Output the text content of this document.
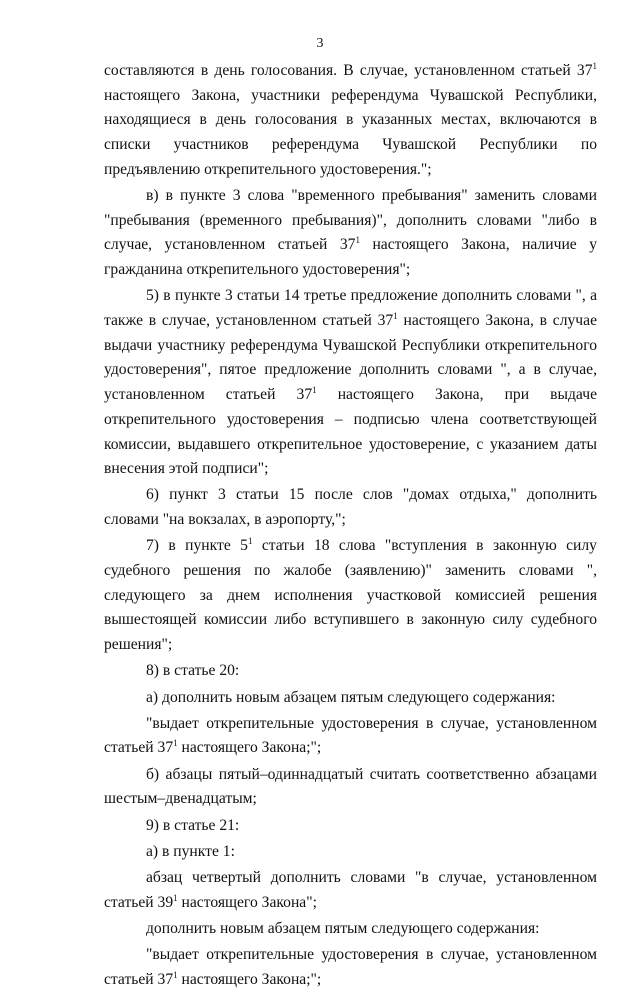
3

составляются в день голосования. В случае, установленном статьей $37^1$ настоящего Закона, участники референдума Чувашской Республики, находящиеся в день голосования в указанных местах, включаются в списки участников референдума Чувашской Республики по предъявлению открепительного удостоверения.";

в) в пункте 3 слова "временного пребывания" заменить словами "пребывания (временного пребывания)", дополнить словами "либо в случае, установленном статьей $37^1$ настоящего Закона, наличие у гражданина открепительного удостоверения";

5) в пункте 3 статьи 14 третье предложение дополнить словами ", а также в случае, установленном статьей $37^1$ настоящего Закона, в случае выдачи участнику референдума Чувашской Республики открепительного удостоверения", пятое предложение дополнить словами ", а в случае, установленном статьей $37^1$ настоящего Закона, при выдаче открепительного удостоверения – подписью члена соответствующей комиссии, выдавшего открепительное удостоверение, с указанием даты внесения этой подписи";

6) пункт 3 статьи 15 после слов "домах отдыха," дополнить словами "на вокзалах, в аэропорту,";

7) в пункте $5^1$ статьи 18 слова "вступления в законную силу судебного решения по жалобе (заявлению)" заменить словами ", следующего за днем исполнения участковой комиссией решения вышестоящей комиссии либо вступившего в законную силу судебного решения";

8) в статье 20:

а) дополнить новым абзацем пятым следующего содержания:

"выдает открепительные удостоверения в случае, установленном статьей $37^1$ настоящего Закона;";

б) абзацы пятый–одиннадцатый считать соответственно абзацами шестым–двенадцатым;

9) в статье 21:

а) в пункте 1:

абзац четвертый дополнить словами "в случае, установленном статьей $39^1$ настоящего Закона";

дополнить новым абзацем пятым следующего содержания:

"выдает открепительные удостоверения в случае, установленном статьей $37^1$ настоящего Закона;";
